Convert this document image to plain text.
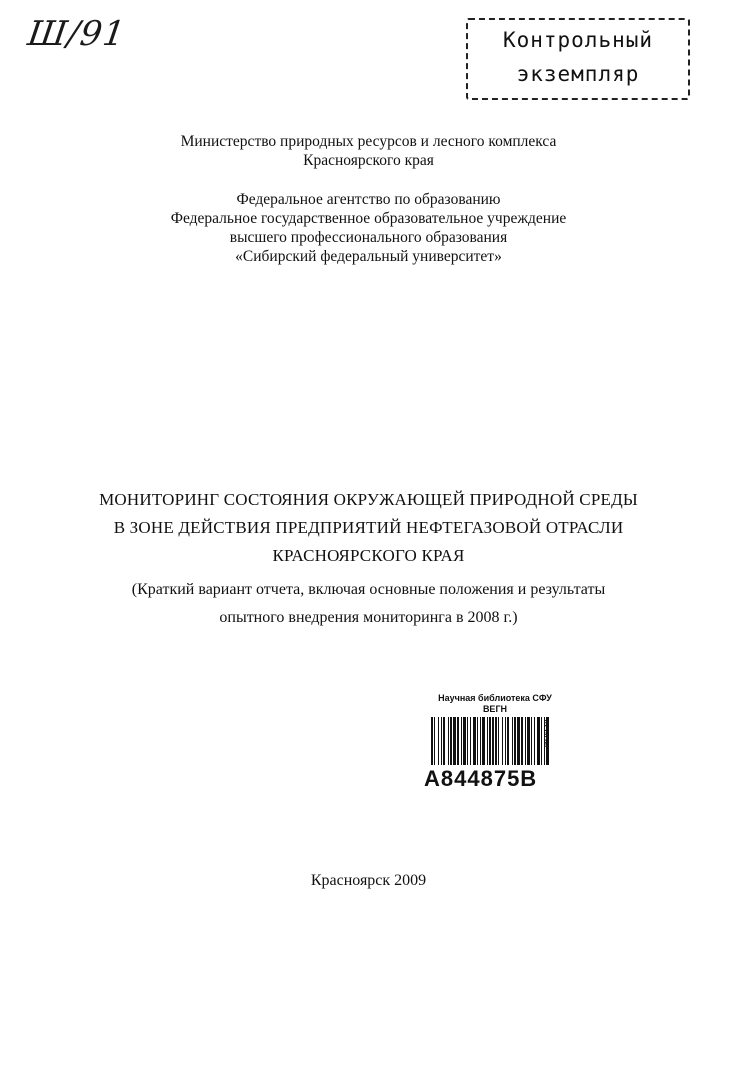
Ш/91	Контрольный
экземпляр
Министерство природных ресурсов и лесного комплекса
Красноярского края
Федеральное агентство по образованию
Федеральное государственное образовательное учреждение
высшего профессионального образования
«Сибирский федеральный университет»
МОНИТОРИНГ СОСТОЯНИЯ ОКРУЖАЮЩЕЙ ПРИРОДНОЙ СРЕДЫ
В ЗОНЕ ДЕЙСТВИЯ ПРЕДПРИЯТИЙ НЕФТЕГАЗОВОЙ ОТРАСЛИ
КРАСНОЯРСКОГО КРАЯ
(Краткий вариант отчета, включая основные положения и результаты
опытного внедрения мониторинга в 2008 г.)
Научная библиотека СФУ
ВЕГН
А844875В
09.03.10
Красноярск 2009
